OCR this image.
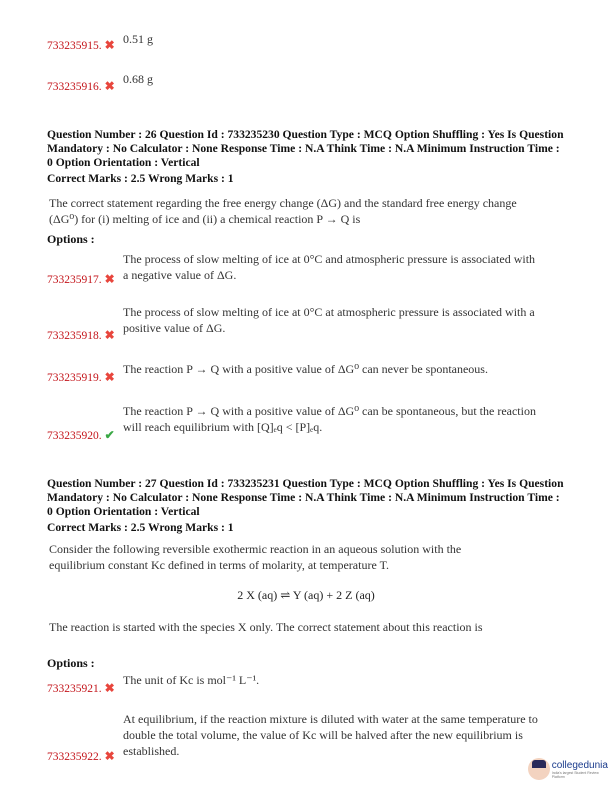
733235915. ✖ 0.51 g
733235916. ✖ 0.68 g
Question Number : 26 Question Id : 733235230 Question Type : MCQ Option Shuffling : Yes Is Question Mandatory : No Calculator : None Response Time : N.A Think Time : N.A Minimum Instruction Time : 0 Option Orientation : Vertical
Correct Marks : 2.5 Wrong Marks : 1
The correct statement regarding the free energy change (ΔG) and the standard free energy change (ΔG⁰) for (i) melting of ice and (ii) a chemical reaction P → Q is
Options :
The process of slow melting of ice at 0°C and atmospheric pressure is associated with a negative value of ΔG.
733235917. ✖
The process of slow melting of ice at 0°C at atmospheric pressure is associated with a positive value of ΔG.
733235918. ✖
The reaction P → Q with a positive value of ΔG⁰ can never be spontaneous.
733235919. ✖
The reaction P → Q with a positive value of ΔG⁰ can be spontaneous, but the reaction will reach equilibrium with [Q]ₑq < [P]ₑq.
733235920. ✔
Question Number : 27 Question Id : 733235231 Question Type : MCQ Option Shuffling : Yes Is Question Mandatory : No Calculator : None Response Time : N.A Think Time : N.A Minimum Instruction Time : 0 Option Orientation : Vertical
Correct Marks : 2.5 Wrong Marks : 1
Consider the following reversible exothermic reaction in an aqueous solution with the equilibrium constant Kc defined in terms of molarity, at temperature T.
2 X (aq) ⇌ Y (aq) + 2 Z (aq)
The reaction is started with the species X only. The correct statement about this reaction is
Options :
The unit of Kc is mol⁻¹ L⁻¹.
733235921. ✖
At equilibrium, if the reaction mixture is diluted with water at the same temperature to double the total volume, the value of Kc will be halved after the new equilibrium is established.
733235922. ✖
collegedunia
India's largest Student Review Platform
